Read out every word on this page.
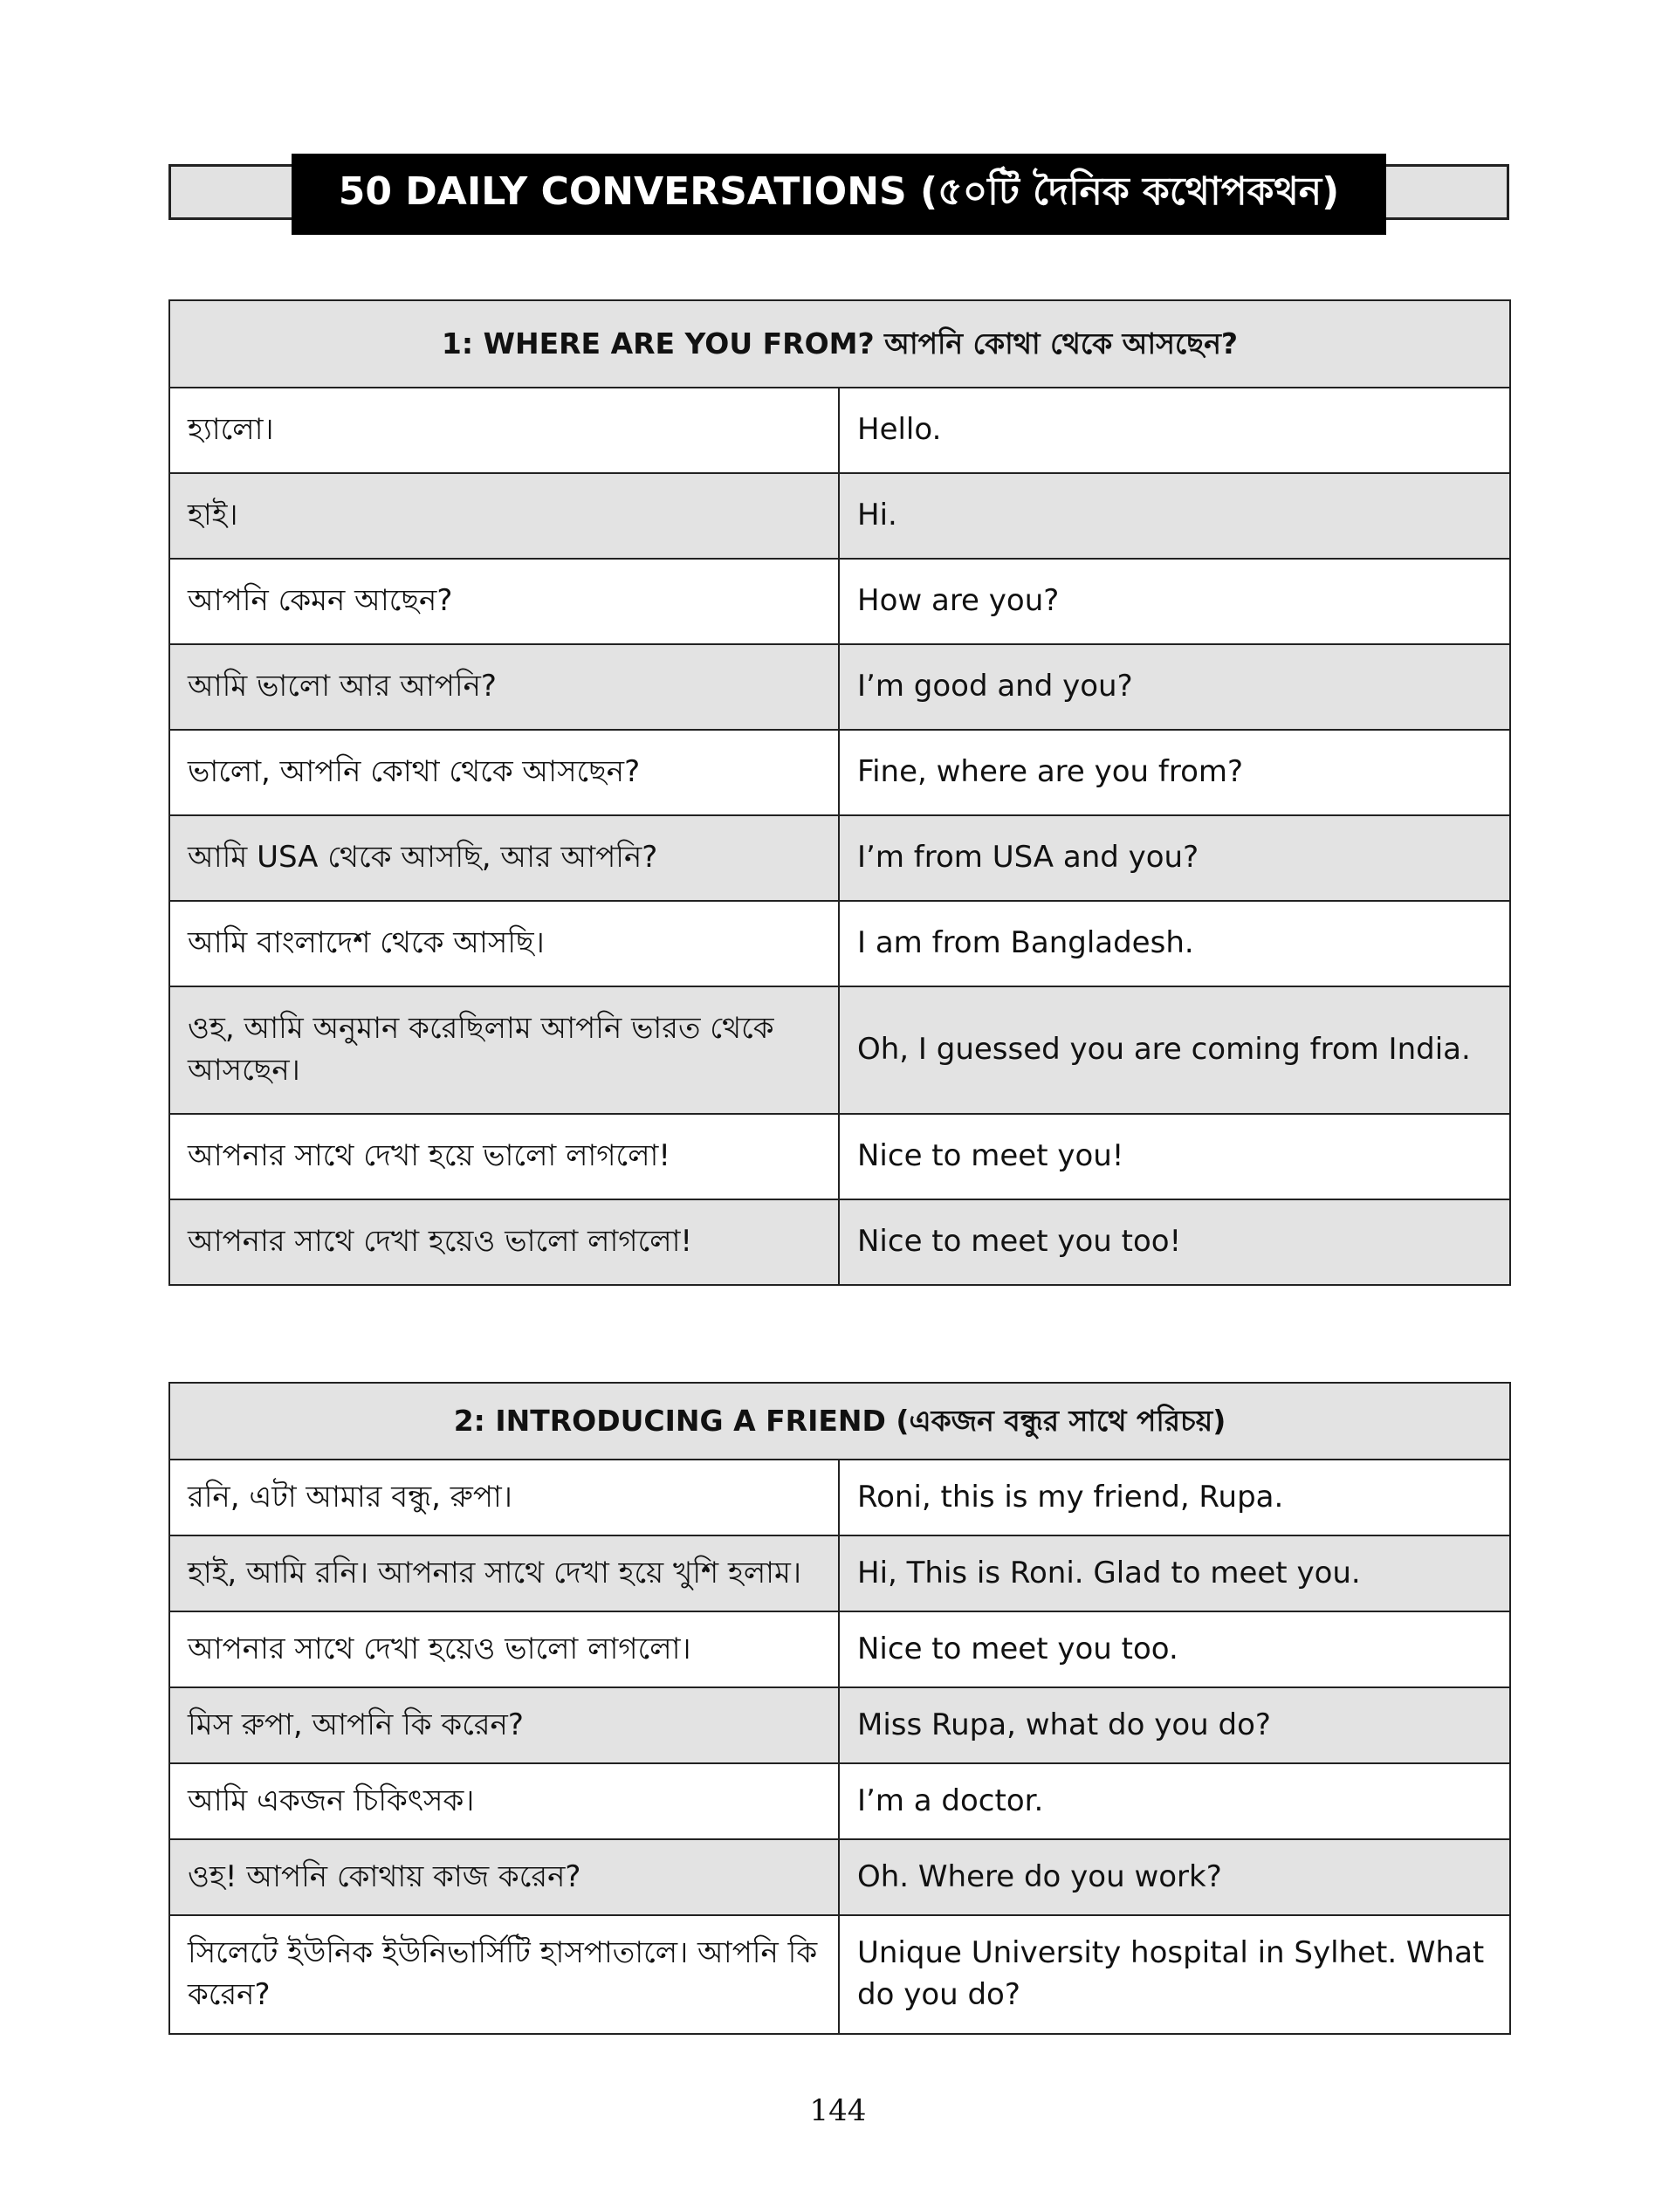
50 DAILY CONVERSATIONS (৫০টি দৈনিক কথোপকথন)
1: WHERE ARE YOU FROM? আপনি কোথা থেকে আসছেন?	
হ্যালো।	Hello.
হাই।	Hi.
আপনি কেমন আছেন?	How are you?
আমি ভালো আর আপনি?	I’m good and you?
ভালো, আপনি কোথা থেকে আসছেন?	Fine, where are you from?
আমি USA থেকে আসছি, আর আপনি?	I’m from USA and you?
আমি বাংলাদেশ থেকে আসছি।	I am from Bangladesh.
ওহ, আমি অনুমান করেছিলাম আপনি ভারত থেকে আসছেন।	Oh, I guessed you are coming from India.
আপনার সাথে দেখা হয়ে ভালো লাগলো!	Nice to meet you!
আপনার সাথে দেখা হয়েও ভালো লাগলো!	Nice to meet you too!
2: INTRODUCING A FRIEND (একজন বন্ধুর সাথে পরিচয়)	
রনি, এটা আমার বন্ধু, রুপা।	Roni, this is my friend, Rupa.
হাই, আমি রনি। আপনার সাথে দেখা হয়ে খুশি হলাম।	Hi, This is Roni. Glad to meet you.
আপনার সাথে দেখা হয়েও ভালো লাগলো।	Nice to meet you too.
মিস রুপা, আপনি কি করেন?	Miss Rupa, what do you do?
আমি একজন চিকিৎসক।	I’m a doctor.
ওহ! আপনি কোথায় কাজ করেন?	Oh. Where do you work?
সিলেটে ইউনিক ইউনিভার্সিটি হাসপাতালে। আপনি কি করেন?	Unique University hospital in Sylhet. What do you do?
144
